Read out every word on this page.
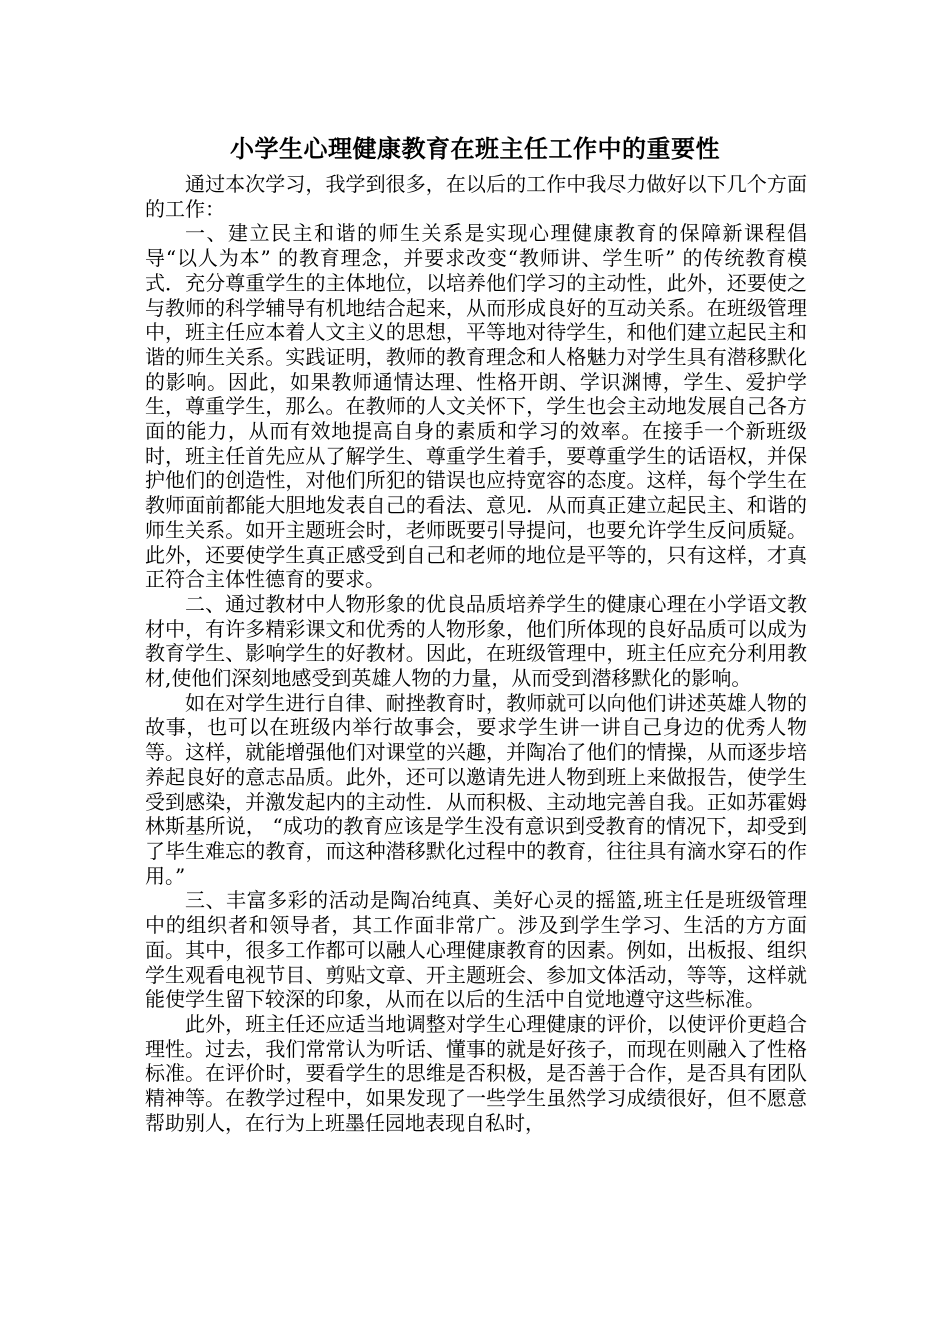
小学生心理健康教育在班主任工作中的重要性

通过本次学习，我学到很多，在以后的工作中我尽力做好以下几个方面的工作：

一、建立民主和谐的师生关系是实现心理健康教育的保障新课程倡导“以人为本” 的教育理念，并要求改变“教师讲、学生听” 的传统教育模式．充分尊重学生的主体地位，以培养他们学习的主动性，此外，还要使之与教师的科学辅导有机地结合起来，从而形成良好的互动关系。在班级管理中，班主任应本着人文主义的思想，平等地对待学生，和他们建立起民主和谐的师生关系。实践证明，教师的教育理念和人格魅力对学生具有潜移默化的影响。因此，如果教师通情达理、性格开朗、学识渊博，学生、爱护学生，尊重学生，那么。在教师的人文关怀下，学生也会主动地发展自己各方面的能力，从而有效地提高自身的素质和学习的效率。在接手一个新班级时，班主任首先应从了解学生、尊重学生着手，要尊重学生的话语权，并保护他们的创造性，对他们所犯的错误也应持宽容的态度。这样，每个学生在教师面前都能大胆地发表自己的看法、意见．从而真正建立起民主、和谐的师生关系。如开主题班会时，老师既要引导提问，也要允许学生反问质疑。此外，还要使学生真正感受到自己和老师的地位是平等的，只有这样，才真正符合主体性德育的要求。

二、通过教材中人物形象的优良品质培养学生的健康心理在小学语文教材中，有许多精彩课文和优秀的人物形象，他们所体现的良好品质可以成为教育学生、影响学生的好教材。因此，在班级管理中，班主任应充分利用教材,使他们深刻地感受到英雄人物的力量，从而受到潜移默化的影响。

如在对学生进行自律、耐挫教育时，教师就可以向他们讲述英雄人物的故事，也可以在班级内举行故事会，要求学生讲一讲自己身边的优秀人物等。这样，就能增强他们对课堂的兴趣，并陶冶了他们的情操，从而逐步培养起良好的意志品质。此外，还可以邀请先进人物到班上来做报告，使学生受到感染，并激发起内的主动性．从而积极、主动地完善自我。正如苏霍姆林斯基所说， “成功的教育应该是学生没有意识到受教育的情况下，却受到了毕生难忘的教育，而这种潜移默化过程中的教育，往往具有滴水穿石的作用。”

三、丰富多彩的活动是陶冶纯真、美好心灵的摇篮,班主任是班级管理中的组织者和领导者，其工作面非常广。涉及到学生学习、生活的方方面面。其中，很多工作都可以融人心理健康教育的因素。例如，出板报、组织学生观看电视节目、剪贴文章、开主题班会、参加文体活动，等等，这样就能使学生留下较深的印象，从而在以后的生活中自觉地遵守这些标准。

此外，班主任还应适当地调整对学生心理健康的评价，以使评价更趋合理性。过去，我们常常认为听话、懂事的就是好孩子，而现在则融入了性格标准。在评价时，要看学生的思维是否积极，是否善于合作，是否具有团队精神等。在教学过程中，如果发现了一些学生虽然学习成绩很好，但不愿意帮助别人，在行为上班墨任园地表现自私时，
